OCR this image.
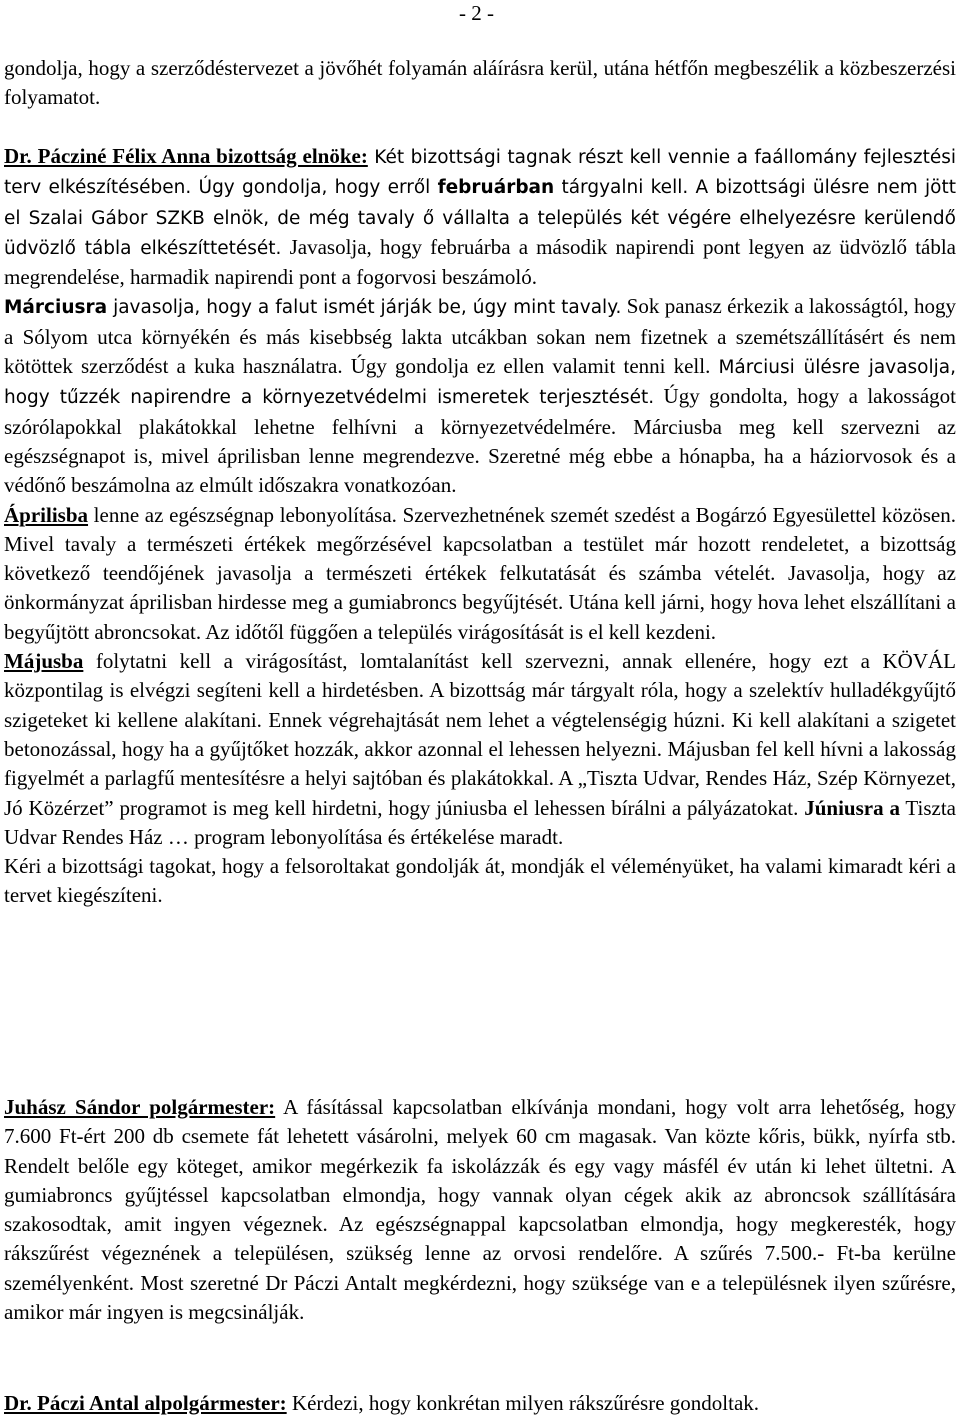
- 2 -
gondolja, hogy a szerződéstervezet a jövőhét folyamán aláírásra kerül, utána hétfőn megbeszélik a közbeszerzési folyamatot.
Dr. Pácziné Félix Anna bizottság elnöke: Két bizottsági tagnak részt kell vennie a faállomány fejlesztési terv elkészítésében. Úgy gondolja, hogy erről februárban tárgyalni kell. A bizottsági ülésre nem jött el Szalai Gábor SZKB elnök, de még tavaly ő vállalta a település két végére elhelyezésre kerülendő üdvözlő tábla elkészíttetését. Javasolja, hogy februárba a második napirendi pont legyen az üdvözlő tábla megrendelése, harmadik napirendi pont a fogorvosi beszámoló.
Márciusra javasolja, hogy a falut ismét járják be, úgy mint tavaly. Sok panasz érkezik a lakosságtól, hogy a Sólyom utca környékén és más kisebbség lakta utcákban sokan nem fizetnek a szemétszállításért és nem kötöttek szerződést a kuka használatra. Úgy gondolja ez ellen valamit tenni kell. Márciusi ülésre javasolja, hogy tűzzék napirendre a környezetvédelmi ismeretek terjesztését. Úgy gondolta, hogy a lakosságot szórólapokkal plakátokkal lehetne felhívni a környezetvédelmére. Márciusba meg kell szervezni az egészségnapot is, mivel áprilisban lenne megrendezve. Szeretné még ebbe a hónapba, ha a háziorvosok és a védőnő beszámolna az elmúlt időszakra vonatkozóan.
Áprilisba lenne az egészségnap lebonyolítása. Szervezhetnének szemét szedést a Bogárzó Egyesülettel közösen. Mivel tavaly a természeti értékek megőrzésével kapcsolatban a testület már hozott rendeletet, a bizottság következő teendőjének javasolja a természeti értékek felkutatását és számba vételét. Javasolja, hogy az önkormányzat áprilisban hirdesse meg a gumiabroncs begyűjtését. Utána kell járni, hogy hova lehet elszállítani a begyűjtött abroncsokat. Az időtől függően a település virágosítását is el kell kezdeni.
Májusba folytatni kell a virágosítást, lomtalanítást kell szervezni, annak ellenére, hogy ezt a KÖVÁL központilag is elvégzi segíteni kell a hirdetésben. A bizottság már tárgyalt róla, hogy a szelektív hulladékgyűjtő szigeteket ki kellene alakítani. Ennek végrehajtását nem lehet a végtelenségig húzni. Ki kell alakítani a szigetet betonozással, hogy ha a gyűjtőket hozzák, akkor azonnal el lehessen helyezni. Májusban fel kell hívni a lakosság figyelmét a parlagfű mentesítésre a helyi sajtóban és plakátokkal. A „Tiszta Udvar, Rendes Ház, Szép Környezet, Jó Közérzet” programot is meg kell hirdetni, hogy júniusba el lehessen bírálni a pályázatokat. Júniusra a Tiszta Udvar Rendes Ház … program lebonyolítása és értékelése maradt.
Kéri a bizottsági tagokat, hogy a felsoroltakat gondolják át, mondják el véleményüket, ha valami kimaradt kéri a tervet kiegészíteni.
Juhász Sándor polgármester: A fásítással kapcsolatban elkívánja mondani, hogy volt arra lehetőség, hogy 7.600 Ft-ért 200 db csemete fát lehetett vásárolni, melyek 60 cm magasak. Van közte kőris, bükk, nyírfa stb. Rendelt belőle egy köteget, amikor megérkezik fa iskolázzák és egy vagy másfél év után ki lehet ültetni. A gumiabroncs gyűjtéssel kapcsolatban elmondja, hogy vannak olyan cégek akik az abroncsok szállítására szakosodtak, amit ingyen végeznek. Az egészségnappal kapcsolatban elmondja, hogy megkeresték, hogy rákszűrést végeznének a településen, szükség lenne az orvosi rendelőre. A szűrés 7.500.- Ft-ba kerülne személyenként. Most szeretné Dr Páczi Antalt megkérdezni, hogy szüksége van e a településnek ilyen szűrésre, amikor már ingyen is megcsinálják.
Dr. Páczi Antal alpolgármester: Kérdezi, hogy konkrétan milyen rákszűrésre gondoltak.
